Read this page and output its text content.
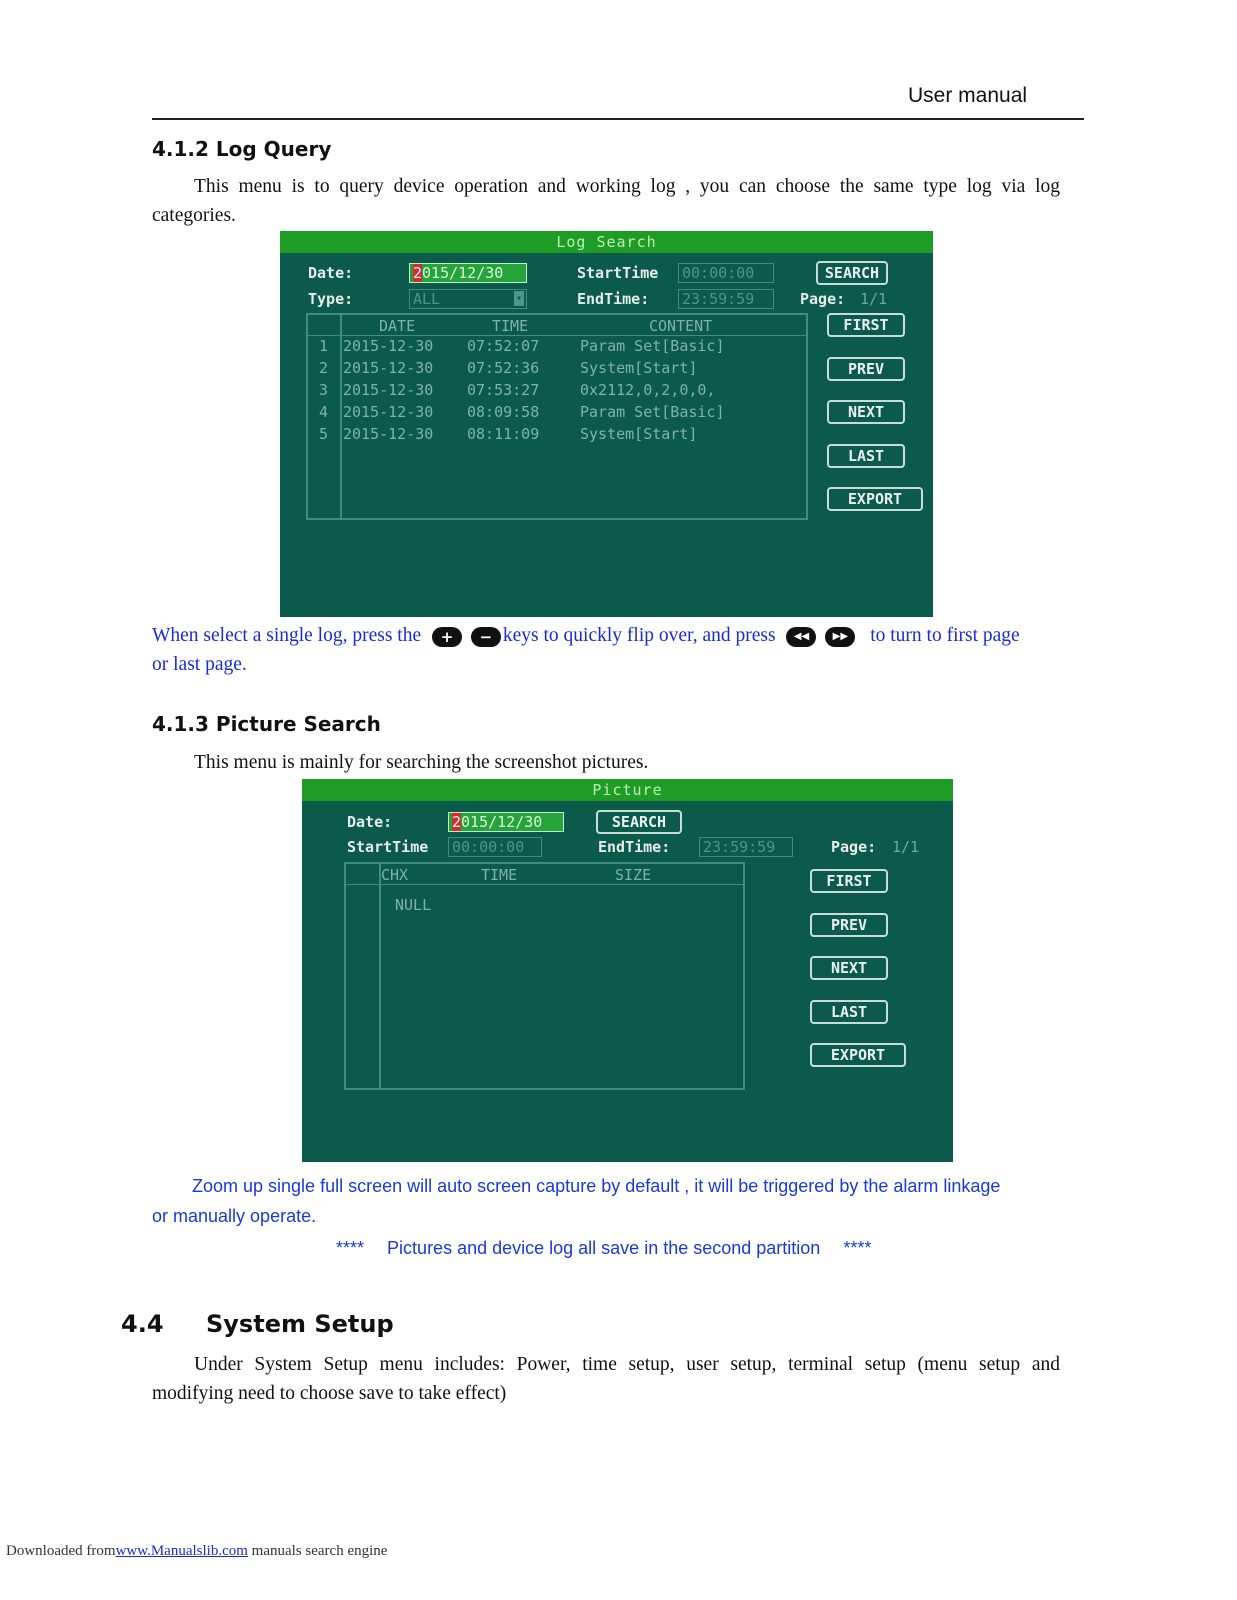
User manual
4.1.2 Log Query
This menu is to query device operation and working log , you can choose the same type log via log
categories.
Log Search
Date:	2015/12/30	StartTime 00:00:00	SEARCH
Type:	ALL	▾	EndTime: 23:59:59	Page: 1/1
DATE	TIME	CONTENT
1 2015-12-30 07:52:07	Param Set[Basic]
2 2015-12-30 07:52:36	System[Start]
3 2015-12-30 07:53:27	0x2112,0,2,0,0,
4 2015-12-30 08:09:58	Param Set[Basic]
5 2015-12-30 08:11:09	System[Start]
FIRST
PREV
NEXT
LAST
EXPORT
When select a single log, press the + − keys to quickly flip over, and press ◀◀ ▶▶ to turn to first page
or last page.
4.1.3 Picture Search
This menu is mainly for searching the screenshot pictures.
Picture
Date:	2015/12/30	SEARCH
StartTime 00:00:00	EndTime: 23:59:59	Page: 1/1
CHX	TIME	SIZE
NULL
FIRST
PREV
NEXT
LAST
EXPORT
Zoom up single full screen will auto screen capture by default , it will be triggered by the alarm linkage
or manually operate.
**** Pictures and device log all save in the second partition ****
4.4 System Setup
Under System Setup menu includes: Power, time setup, user setup, terminal setup (menu setup and
modifying need to choose save to take effect)
Downloaded fromwww.Manualslib.com manuals search engine
